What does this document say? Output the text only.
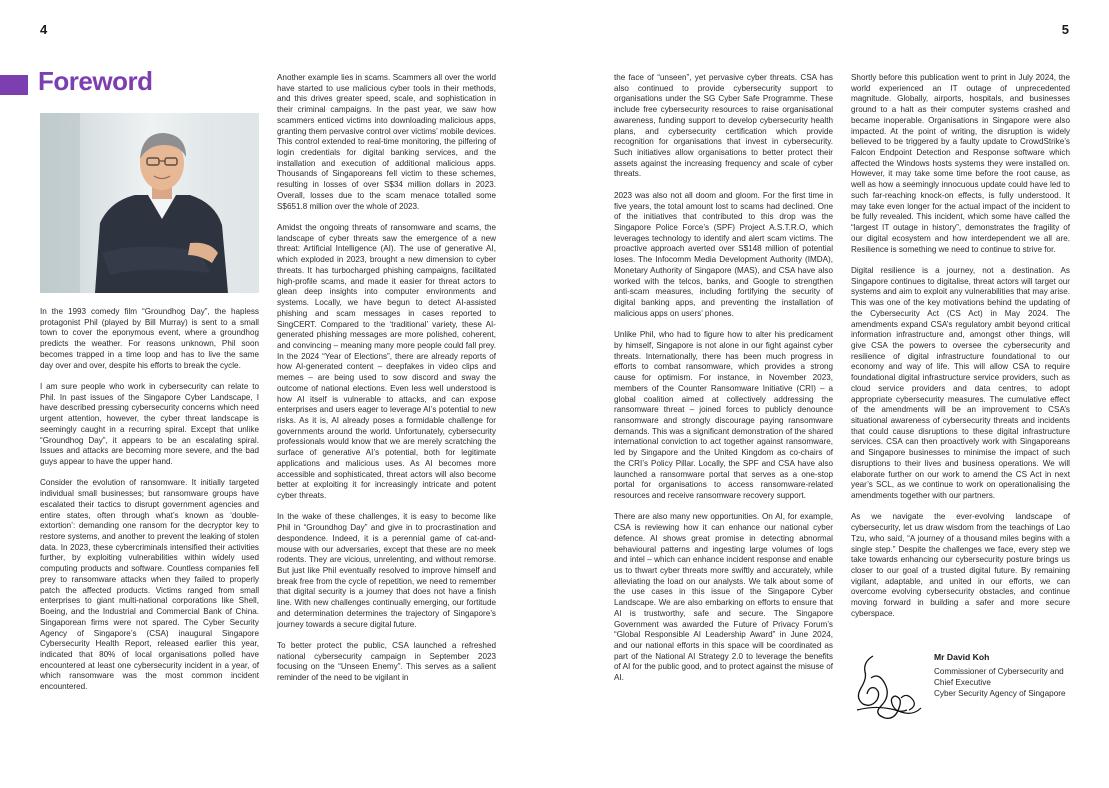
4	5
Foreword

In the 1993 comedy film “Groundhog Day”, the hapless protagonist Phil (played by Bill Murray) is sent to a small town to cover the eponymous event, where a groundhog predicts the weather. For reasons unknown, Phil soon becomes trapped in a time loop and has to live the same day over and over, despite his efforts to break the cycle.

I am sure people who work in cybersecurity can relate to Phil. In past issues of the Singapore Cyber Landscape, I have described pressing cybersecurity concerns which need urgent attention, however, the cyber threat landscape is seemingly caught in a recurring spiral. Except that unlike “Groundhog Day”, it appears to be an escalating spiral. Issues and attacks are becoming more severe, and the bad guys appear to have the upper hand.

Consider the evolution of ransomware. It initially targeted individual small businesses; but ransomware groups have escalated their tactics to disrupt government agencies and entire states, often through what’s known as ‘double-extortion’: demanding one ransom for the decryptor key to restore systems, and another to prevent the leaking of stolen data. In 2023, these cybercriminals intensified their activities further, by exploiting vulnerabilities within widely used computing products and software. Countless companies fell prey to ransomware attacks when they failed to properly patch the affected products. Victims ranged from small enterprises to giant multi-national corporations like Shell, Boeing, and the Industrial and Commercial Bank of China. Singaporean firms were not spared. The Cyber Security Agency of Singapore’s (CSA) inaugural Singapore Cybersecurity Health Report, released earlier this year, indicated that 80% of local organisations polled have encountered at least one cybersecurity incident in a year, of which ransomware was the most common incident encountered.

Another example lies in scams. Scammers all over the world have started to use malicious cyber tools in their methods, and this drives greater speed, scale, and sophistication in their criminal campaigns. In the past year, we saw how scammers enticed victims into downloading malicious apps, granting them pervasive control over victims’ mobile devices. This control extended to real-time monitoring, the pilfering of login credentials for digital banking services, and the installation and execution of additional malicious apps. Thousands of Singaporeans fell victim to these schemes, resulting in losses of over S$34 million dollars in 2023. Overall, losses due to the scam menace totalled some S$651.8 million over the whole of 2023.

Amidst the ongoing threats of ransomware and scams, the landscape of cyber threats saw the emergence of a new threat: Artificial Intelligence (AI). The use of generative AI, which exploded in 2023, brought a new dimension to cyber threats. It has turbocharged phishing campaigns, facilitated high-profile scams, and made it easier for threat actors to glean deep insights into computer environments and systems. Locally, we have begun to detect AI-assisted phishing and scam messages in cases reported to SingCERT. Compared to the ‘traditional’ variety, these AI-generated phishing messages are more polished, coherent, and convincing – meaning many more people could fall prey. In the 2024 “Year of Elections”, there are already reports of how AI-generated content – deepfakes in video clips and memes – are being used to sow discord and sway the outcome of national elections. Even less well understood is how AI itself is vulnerable to attacks, and can expose enterprises and users eager to leverage AI’s potential to new risks. As it is, AI already poses a formidable challenge for governments around the world. Unfortunately, cybersecurity professionals would know that we are merely scratching the surface of generative AI’s potential, both for legitimate applications and malicious uses. As AI becomes more accessible and sophisticated, threat actors will also become better at exploiting it for increasingly intricate and potent cyber threats.

In the wake of these challenges, it is easy to become like Phil in “Groundhog Day” and give in to procrastination and despondence. Indeed, it is a perennial game of cat-and-mouse with our adversaries, except that these are no meek rodents. They are vicious, unrelenting, and without remorse. But just like Phil eventually resolved to improve himself and break free from the cycle of repetition, we need to remember that digital security is a journey that does not have a finish line. With new challenges continually emerging, our fortitude and determination determines the trajectory of Singapore’s journey towards a secure digital future.

To better protect the public, CSA launched a refreshed national cybersecurity campaign in September 2023 focusing on the “Unseen Enemy”. This serves as a salient reminder of the need to be vigilant in

the face of “unseen”, yet pervasive cyber threats. CSA has also continued to provide cybersecurity support to organisations under the SG Cyber Safe Programme. These include free cybersecurity resources to raise organisational awareness, funding support to develop cybersecurity health plans, and cybersecurity certification which provide recognition for organisations that invest in cybersecurity. Such initiatives allow organisations to better protect their assets against the increasing frequency and scale of cyber threats.

2023 was also not all doom and gloom. For the first time in five years, the total amount lost to scams had declined. One of the initiatives that contributed to this drop was the Singapore Police Force’s (SPF) Project A.S.T.R.O, which leverages technology to identify and alert scam victims. The proactive approach averted over S$148 million of potential loses. The Infocomm Media Development Authority (IMDA), Monetary Authority of Singapore (MAS), and CSA have also worked with the telcos, banks, and Google to strengthen anti-scam measures, including fortifying the security of digital banking apps, and preventing the installation of malicious apps on users’ phones.

Unlike Phil, who had to figure how to alter his predicament by himself, Singapore is not alone in our fight against cyber threats. Internationally, there has been much progress in efforts to combat ransomware, which provides a strong cause for optimism. For instance, in November 2023, members of the Counter Ransomware Initiative (CRI) – a global coalition aimed at collectively addressing the ransomware threat – joined forces to publicly denounce ransomware and strongly discourage paying ransomware demands. This was a significant demonstration of the shared international conviction to act together against ransomware, led by Singapore and the United Kingdom as co-chairs of the CRI’s Policy Pillar. Locally, the SPF and CSA have also launched a ransomware portal that serves as a one-stop portal for organisations to access ransomware-related resources and receive ransomware recovery support.

There are also many new opportunities. On AI, for example, CSA is reviewing how it can enhance our national cyber defence. AI shows great promise in detecting abnormal behavioural patterns and ingesting large volumes of logs and intel – which can enhance incident response and enable us to thwart cyber threats more swiftly and accurately, while alleviating the load on our analysts. We talk about some of the use cases in this issue of the Singapore Cyber Landscape. We are also embarking on efforts to ensure that AI is trustworthy, safe and secure. The Singapore Government was awarded the Future of Privacy Forum’s “Global Responsible AI Leadership Award” in June 2024, and our national efforts in this space will be coordinated as part of the National AI Strategy 2.0 to leverage the benefits of AI for the public good, and to protect against the misuse of AI.

Shortly before this publication went to print in July 2024, the world experienced an IT outage of unprecedented magnitude. Globally, airports, hospitals, and businesses ground to a halt as their computer systems crashed and became inoperable. Organisations in Singapore were also impacted. At the point of writing, the disruption is widely believed to be triggered by a faulty update to CrowdStrike’s Falcon Endpoint Detection and Response software which affected the Windows hosts systems they were installed on. However, it may take some time before the root cause, as well as how a seemingly innocuous update could have led to such far-reaching knock-on effects, is fully understood. It may take even longer for the actual impact of the incident to be fully revealed. This incident, which some have called the “largest IT outage in history”, demonstrates the fragility of our digital ecosystem and how interdependent we all are. Resilience is something we need to continue to strive for.

Digital resilience is a journey, not a destination. As Singapore continues to digitalise, threat actors will target our systems and aim to exploit any vulnerabilities that may arise. This was one of the key motivations behind the updating of the Cybersecurity Act (CS Act) in May 2024. The amendments expand CSA’s regulatory ambit beyond critical information infrastructure and, amongst other things, will give CSA the powers to oversee the cybersecurity and resilience of digital infrastructure foundational to our economy and way of life. This will allow CSA to require foundational digital infrastructure service providers, such as cloud service providers and data centres, to adopt appropriate cybersecurity measures. The cumulative effect of the amendments will be an improvement to CSA’s situational awareness of cybersecurity threats and incidents that could cause disruptions to these digital infrastructure services. CSA can then proactively work with Singaporeans and Singapore businesses to minimise the impact of such disruptions to their lives and business operations. We will elaborate further on our work to amend the CS Act in next year’s SCL, as we continue to work on operationalising the amendments together with our partners.

As we navigate the ever-evolving landscape of cybersecurity, let us draw wisdom from the teachings of Lao Tzu, who said, “A journey of a thousand miles begins with a single step.” Despite the challenges we face, every step we take towards enhancing our cybersecurity posture brings us closer to our goal of a trusted digital future. By remaining vigilant, adaptable, and united in our efforts, we can overcome evolving cybersecurity obstacles, and continue moving forward in building a safer and more secure cyberspace.

Mr David Koh
Commissioner of Cybersecurity and
Chief Executive
Cyber Security Agency of Singapore
